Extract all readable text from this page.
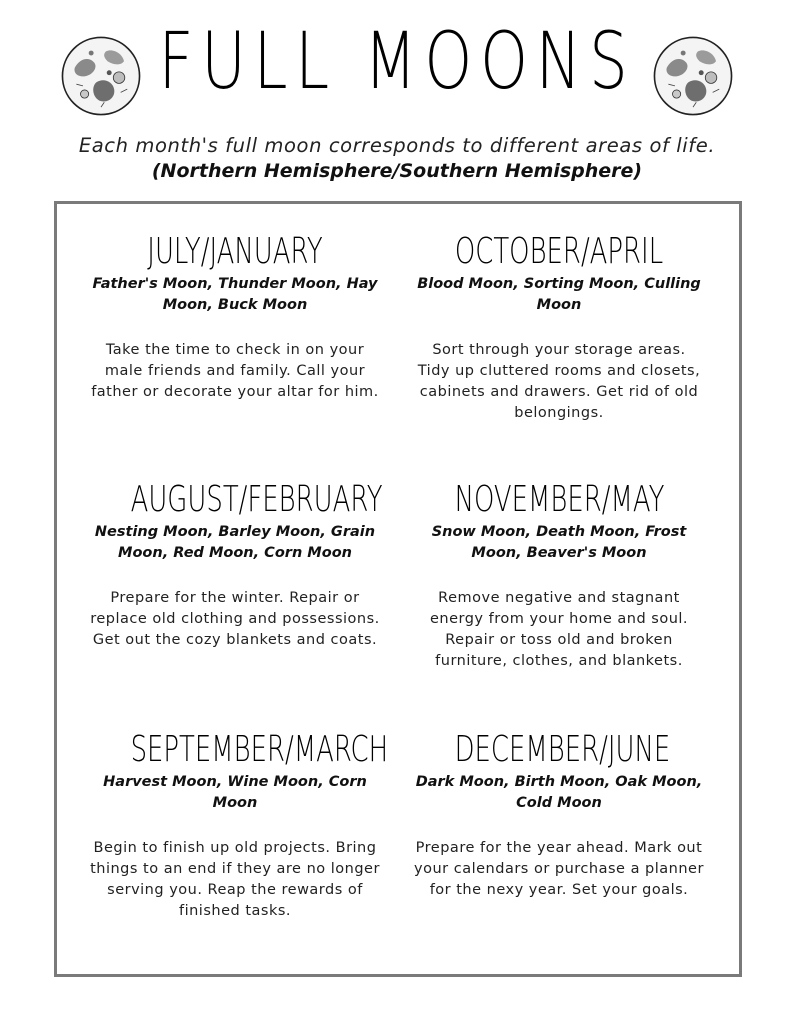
FULL MOONS
Each month's full moon corresponds to different areas of life.
(Northern Hemisphere/Southern Hemisphere)
JULY/JANUARY
Father's Moon, Thunder Moon, Hay Moon, Buck Moon
Take the time to check in on your male friends and family. Call your father or decorate your altar for him.
OCTOBER/APRIL
Blood Moon, Sorting Moon, Culling Moon
Sort through your storage areas. Tidy up cluttered rooms and closets, cabinets and drawers. Get rid of old belongings.
AUGUST/FEBRUARY
Nesting Moon, Barley Moon, Grain Moon, Red Moon, Corn Moon
Prepare for the winter. Repair or replace old clothing and possessions. Get out the cozy blankets and coats.
NOVEMBER/MAY
Snow Moon, Death Moon, Frost Moon, Beaver's Moon
Remove negative and stagnant energy from your home and soul. Repair or toss old and broken furniture, clothes, and blankets.
SEPTEMBER/MARCH
Harvest Moon, Wine Moon, Corn Moon
Begin to finish up old projects. Bring things to an end if they are no longer serving you. Reap the rewards of finished tasks.
DECEMBER/JUNE
Dark Moon, Birth Moon, Oak Moon, Cold Moon
Prepare for the year ahead. Mark out your calendars or purchase a planner for the nexy year. Set your goals.
